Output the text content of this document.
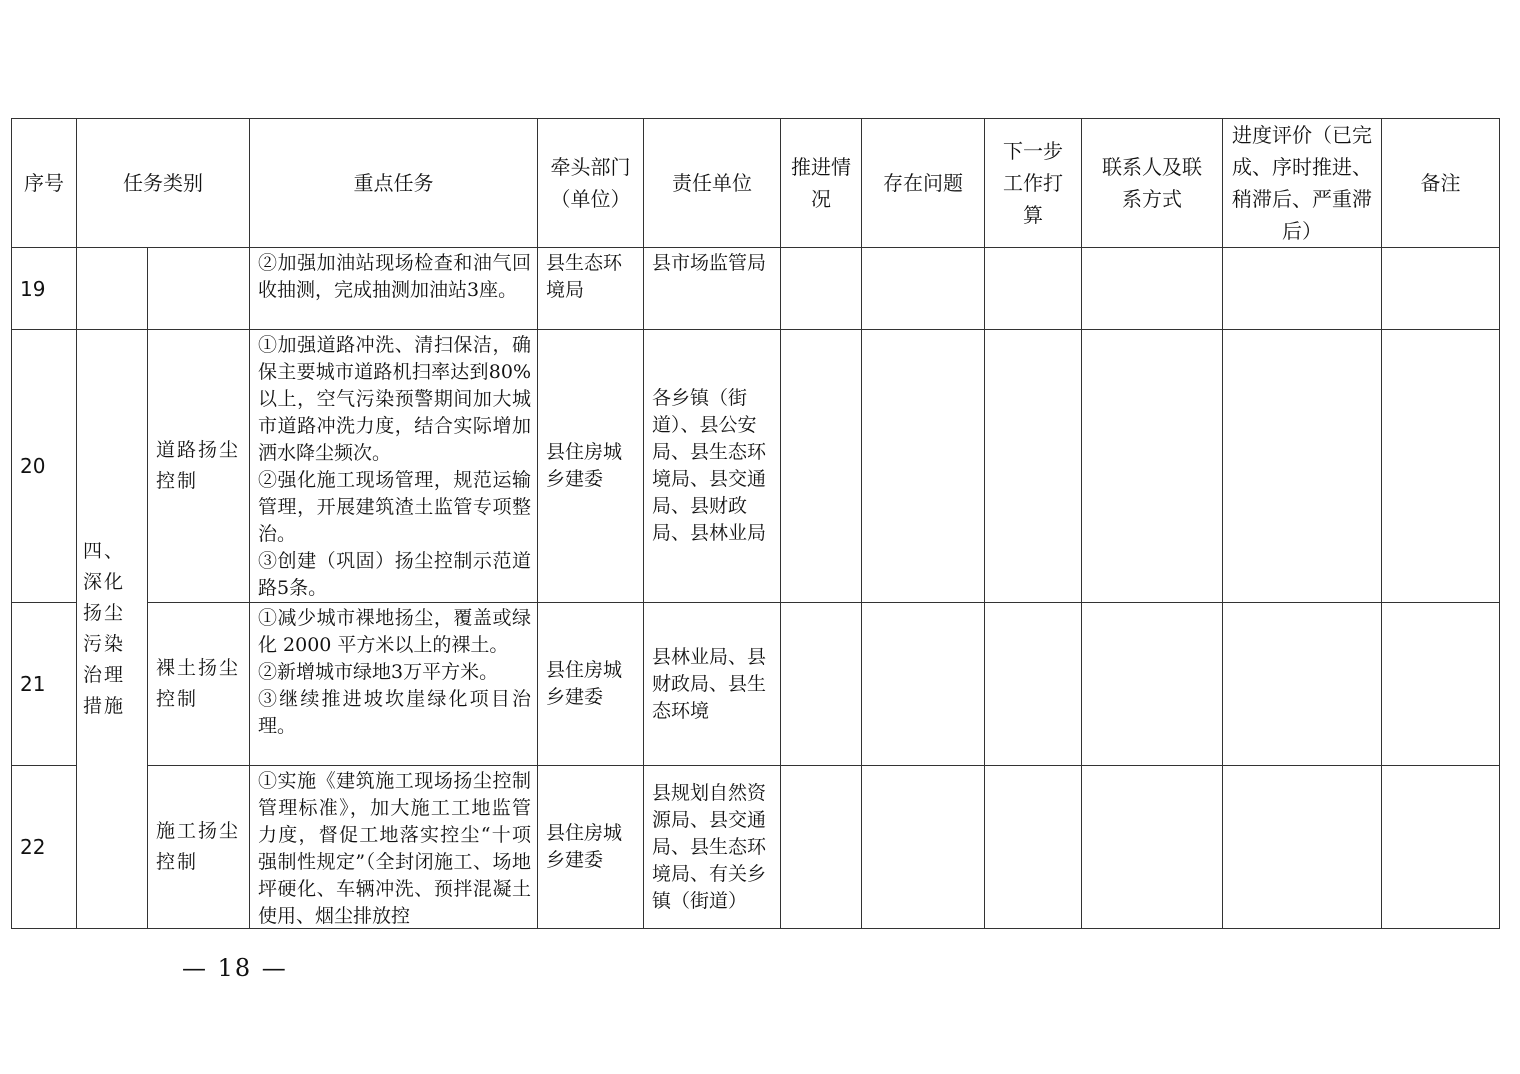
序号	任务类别		重点任务	牵头部门（单位）	责任单位	推进情况	存在问题	下一步工作打算	联系人及联系方式	进度评价（已完成、序时推进、稍滞后、严重滞后）	备注
19			②加强加油站现场检查和油气回收抽测，完成抽测加油站3座。	县生态环境局	县市场监管局						
20	四、深化扬尘污染治理措施	道路扬尘控制	①加强道路冲洗、清扫保洁，确保主要城市道路机扫率达到80%以上，空气污染预警期间加大城市道路冲洗力度，结合实际增加洒水降尘频次。
②强化施工现场管理，规范运输管理，开展建筑渣土监管专项整治。
③创建（巩固）扬尘控制示范道路5条。	县住房城乡建委	各乡镇（街道）、县公安局、县生态环境局、县交通局、县财政局、县林业局						
21		裸土扬尘控制	①减少城市裸地扬尘，覆盖或绿化 2000 平方米以上的裸土。
②新增城市绿地3万平方米。
③继续推进坡坎崖绿化项目治理。	县住房城乡建委	县林业局、县财政局、县生态环境						
22		施工扬尘控制	①实施《建筑施工现场扬尘控制管理标准》，加大施工工地监管力度，督促工地落实控尘“十项强制性规定”（全封闭施工、场地坪硬化、车辆冲洗、预拌混凝土使用、烟尘排放控	县住房城乡建委	县规划自然资源局、县交通局、县生态环境局、有关乡镇（街道）						
— 18 —
